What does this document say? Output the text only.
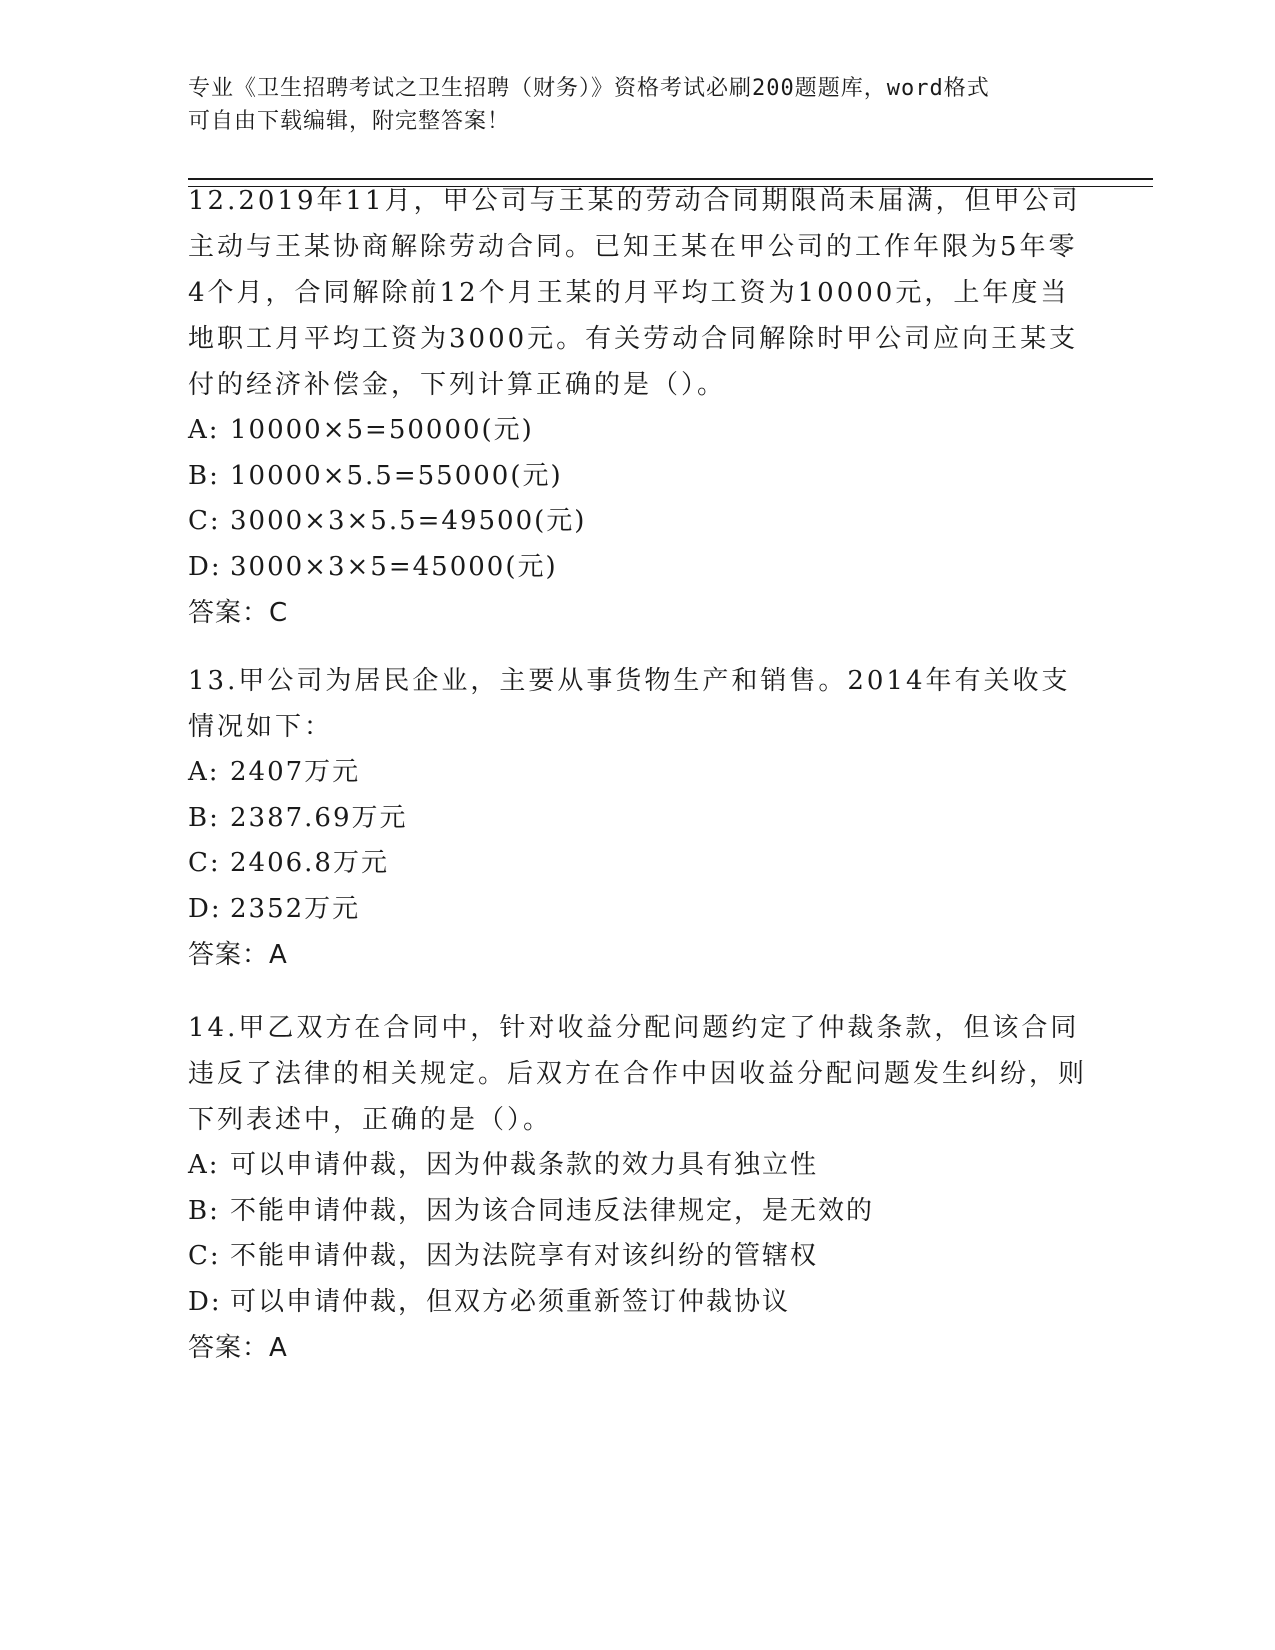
专业《卫生招聘考试之卫生招聘（财务）》资格考试必刷200题题库，word格式
可自由下载编辑，附完整答案！

12.2019年11月，甲公司与王某的劳动合同期限尚未届满，但甲公司主动与王某协商解除劳动合同。已知王某在甲公司的工作年限为5年零4个月，合同解除前12个月王某的月平均工资为10000元，上年度当地职工月平均工资为3000元。有关劳动合同解除时甲公司应向王某支付的经济补偿金，下列计算正确的是（）。

A: 10000×5=50000(元)
B: 10000×5.5=55000(元)
C: 3000×3×5.5=49500(元)
D: 3000×3×5=45000(元)
答案：C

13.甲公司为居民企业，主要从事货物生产和销售。2014年有关收支情况如下：

A: 2407万元
B: 2387.69万元
C: 2406.8万元
D: 2352万元
答案：A

14.甲乙双方在合同中，针对收益分配问题约定了仲裁条款，但该合同违反了法律的相关规定。后双方在合作中因收益分配问题发生纠纷，则下列表述中，正确的是（）。

A: 可以申请仲裁，因为仲裁条款的效力具有独立性
B: 不能申请仲裁，因为该合同违反法律规定，是无效的
C: 不能申请仲裁，因为法院享有对该纠纷的管辖权
D: 可以申请仲裁，但双方必须重新签订仲裁协议
答案：A
